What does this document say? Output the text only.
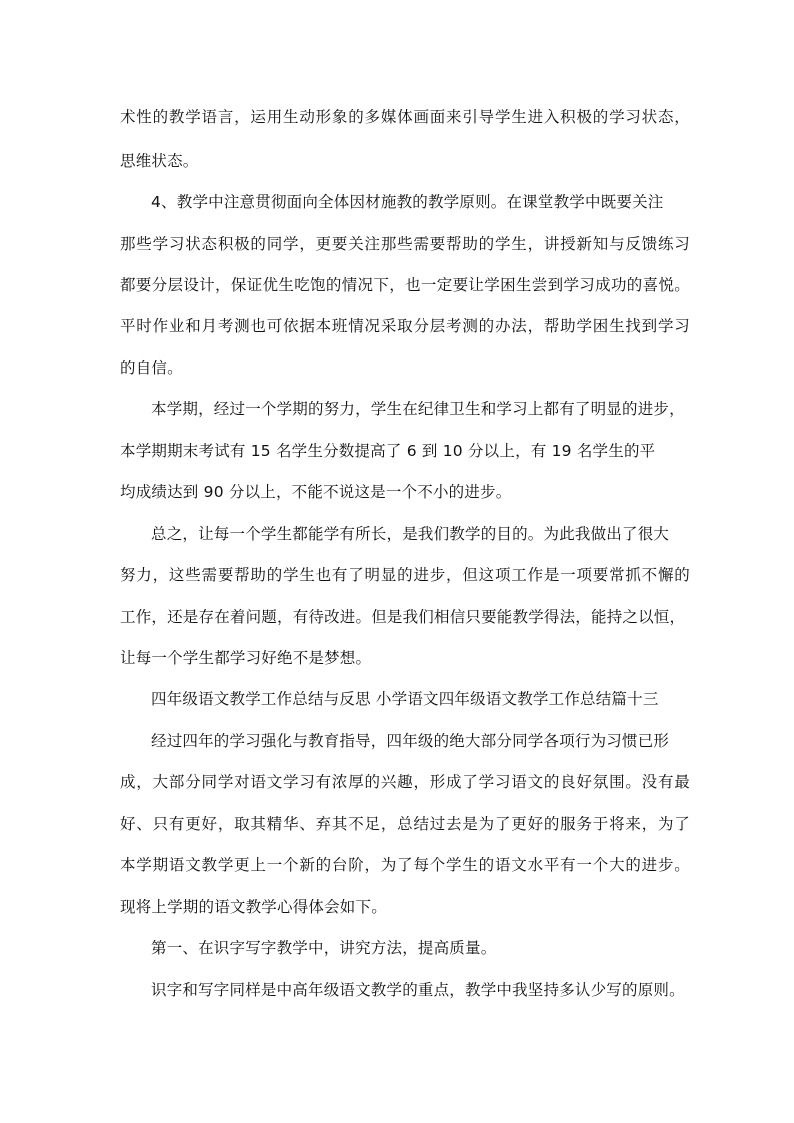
术性的教学语言，运用生动形象的多媒体画面来引导学生进入积极的学习状态，
思维状态。
4、教学中注意贯彻面向全体因材施教的教学原则。在课堂教学中既要关注
那些学习状态积极的同学，更要关注那些需要帮助的学生，讲授新知与反馈练习
都要分层设计，保证优生吃饱的情况下，也一定要让学困生尝到学习成功的喜悦。
平时作业和月考测也可依据本班情况采取分层考测的办法，帮助学困生找到学习
的自信。
本学期，经过一个学期的努力，学生在纪律卫生和学习上都有了明显的进步，
本学期期末考试有 15 名学生分数提高了 6 到 10 分以上，有 19 名学生的平
均成绩达到 90 分以上，不能不说这是一个不小的进步。
总之，让每一个学生都能学有所长，是我们教学的目的。为此我做出了很大
努力，这些需要帮助的学生也有了明显的进步，但这项工作是一项要常抓不懈的
工作，还是存在着问题，有待改进。但是我们相信只要能教学得法，能持之以恒，
让每一个学生都学习好绝不是梦想。
四年级语文教学工作总结与反思 小学语文四年级语文教学工作总结篇十三
经过四年的学习强化与教育指导，四年级的绝大部分同学各项行为习惯已形
成，大部分同学对语文学习有浓厚的兴趣，形成了学习语文的良好氛围。没有最
好、只有更好，取其精华、弃其不足，总结过去是为了更好的服务于将来，为了
本学期语文教学更上一个新的台阶，为了每个学生的语文水平有一个大的进步。
现将上学期的语文教学心得体会如下。
第一、在识字写字教学中，讲究方法，提高质量。
识字和写字同样是中高年级语文教学的重点，教学中我坚持多认少写的原则。
